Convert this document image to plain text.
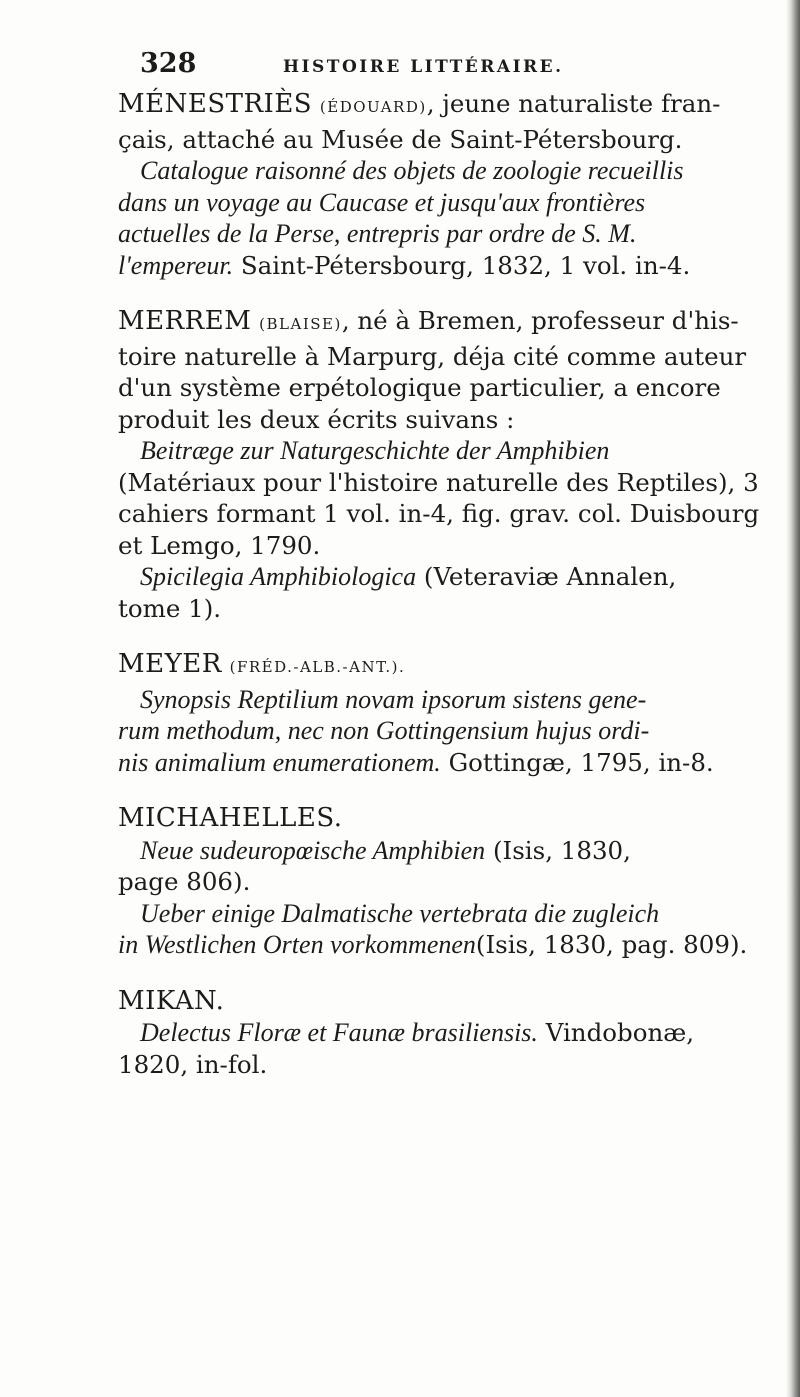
328	HISTOIRE LITTÉRAIRE.
MÉNESTRIÈS (ÉDOUARD), jeune naturaliste fran-
çais, attaché au Musée de Saint-Pétersbourg.
Catalogue raisonné des objets de zoologie recueillis
dans un voyage au Caucase et jusqu'aux frontières
actuelles de la Perse, entrepris par ordre de S. M.
l'empereur. Saint-Pétersbourg, 1832, 1 vol. in-4.
MERREM (BLAISE), né à Bremen, professeur d'his-
toire naturelle à Marpurg, déja cité comme auteur
d'un système erpétologique particulier, a encore
produit les deux écrits suivans :
Beitræge zur Naturgeschichte der Amphibien
(Matériaux pour l'histoire naturelle des Reptiles), 3
cahiers formant 1 vol. in-4, fig. grav. col. Duisbourg
et Lemgo, 1790.
Spicilegia Amphibiologica (Veteraviæ Annalen,
tome 1).
MEYER (FRÉD.-ALB.-ANT.).
Synopsis Reptilium novam ipsorum sistens gene-
rum methodum, nec non Gottingensium hujus ordi-
nis animalium enumerationem. Gottingæ, 1795, in-8.
MICHAHELLES.
Neue sudeuropœische Amphibien (Isis, 1830,
page 806).
Ueber einige Dalmatische vertebrata die zugleich
in Westlichen Orten vorkommenen(Isis, 1830, pag. 809).
MIKAN.
Delectus Floræ et Faunæ brasiliensis. Vindobonæ,
1820, in-fol.
